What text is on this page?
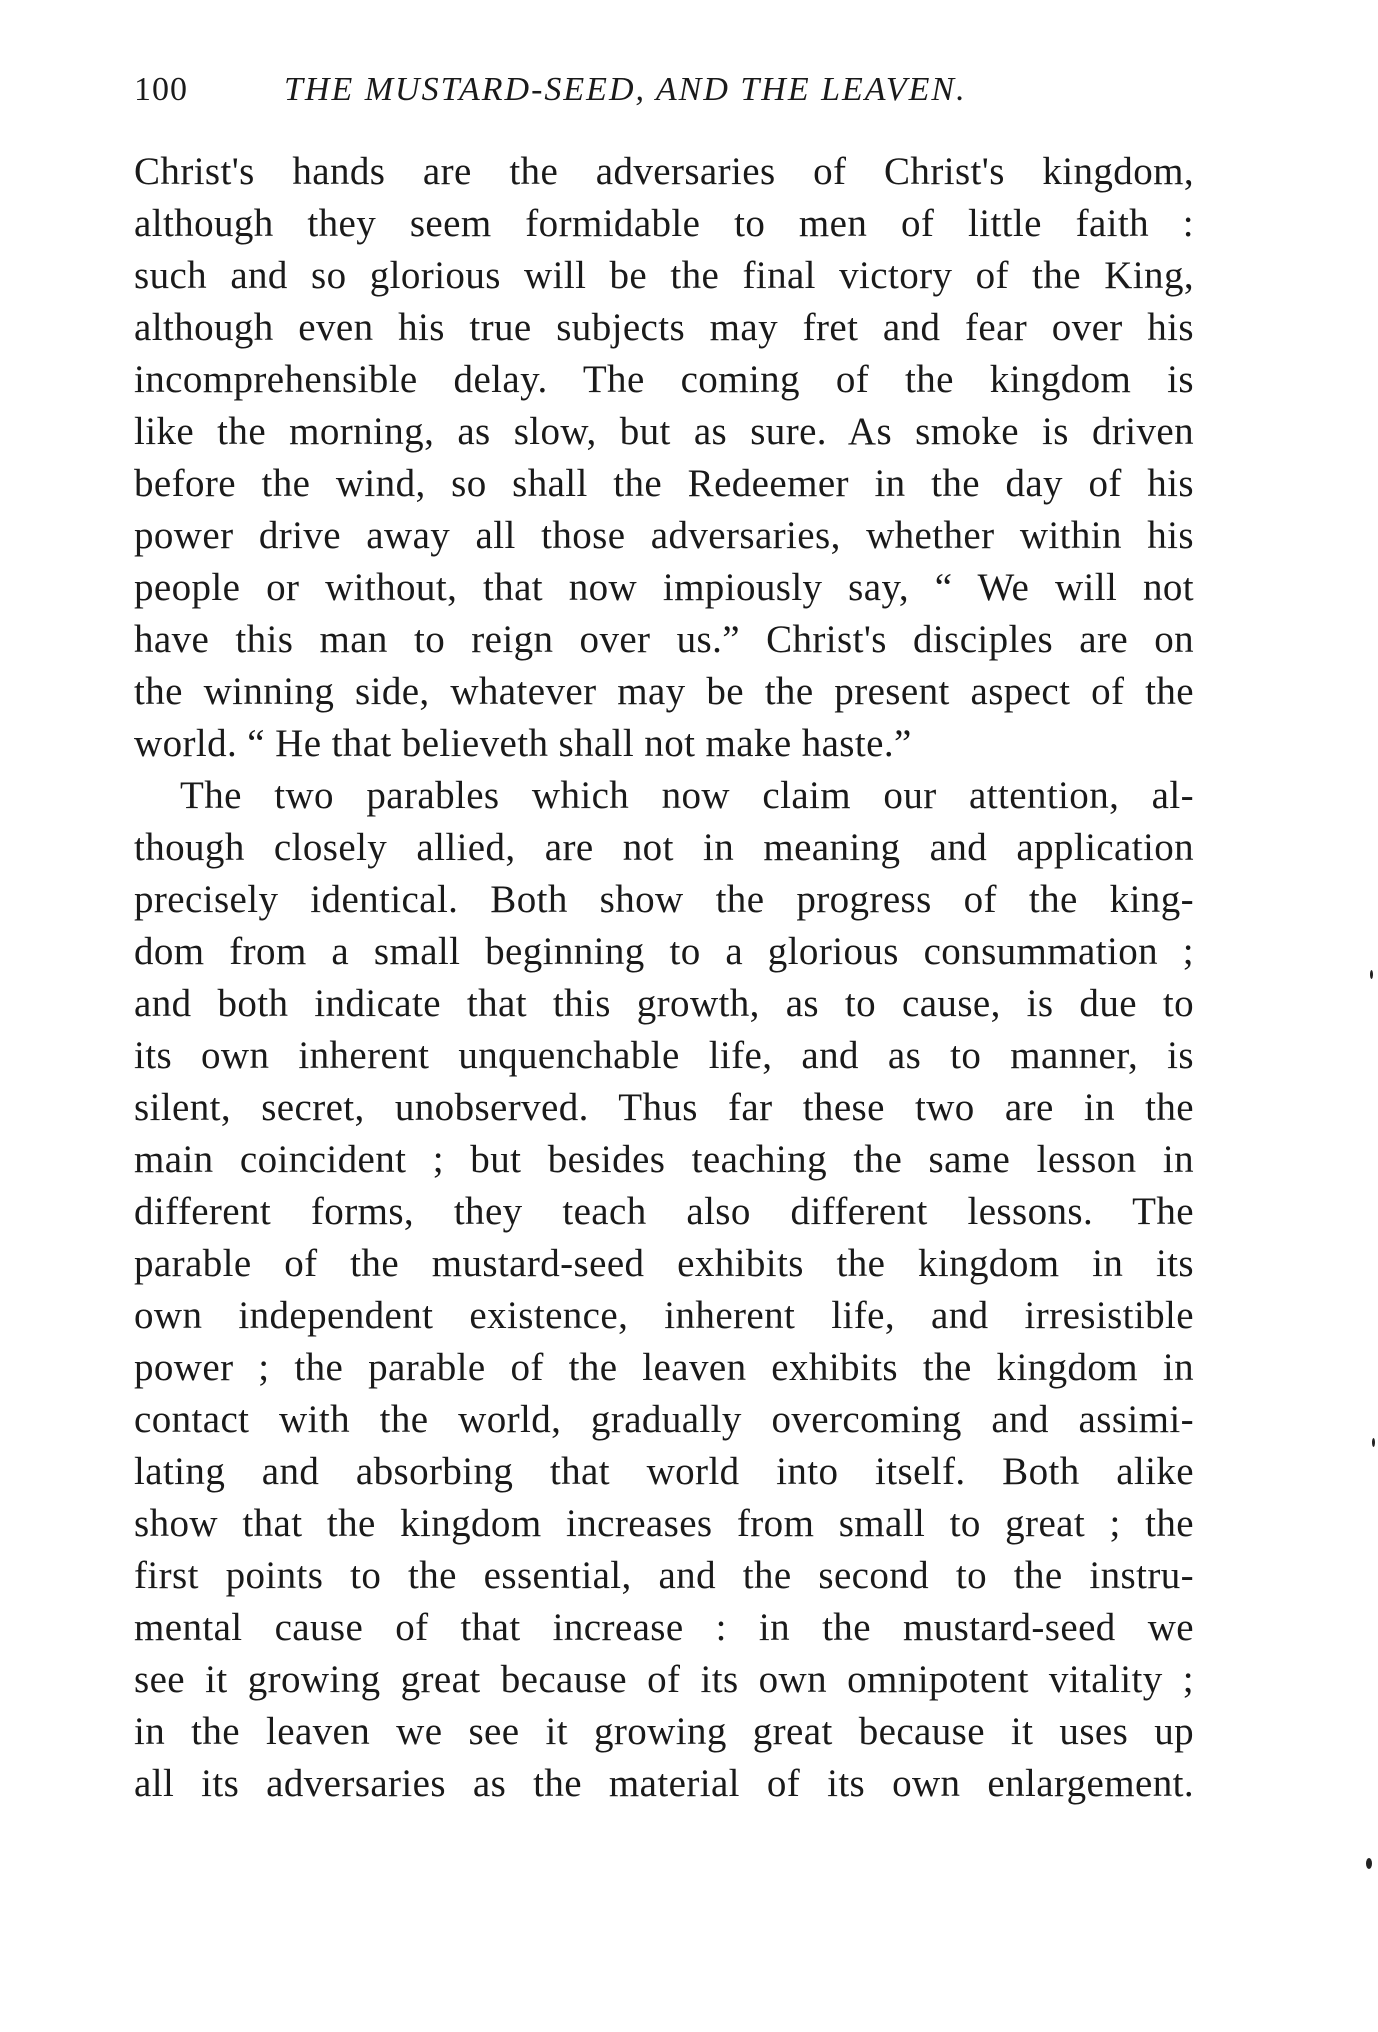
100	THE MUSTARD-SEED, AND THE LEAVEN.
Christ's hands are the adversaries of Christ's kingdom,
although they seem formidable to men of little faith :
such and so glorious will be the final victory of the King,
although even his true subjects may fret and fear over his
incomprehensible delay. The coming of the kingdom is
like the morning, as slow, but as sure. As smoke is driven
before the wind, so shall the Redeemer in the day of his
power drive away all those adversaries, whether within his
people or without, that now impiously say, “ We will not
have this man to reign over us.” Christ's disciples are on
the winning side, whatever may be the present aspect of the
world. “ He that believeth shall not make haste.”
The two parables which now claim our attention, al-
though closely allied, are not in meaning and application
precisely identical. Both show the progress of the king-
dom from a small beginning to a glorious consummation ;
and both indicate that this growth, as to cause, is due to
its own inherent unquenchable life, and as to manner, is
silent, secret, unobserved. Thus far these two are in the
main coincident ; but besides teaching the same lesson in
different forms, they teach also different lessons. The
parable of the mustard-seed exhibits the kingdom in its
own independent existence, inherent life, and irresistible
power ; the parable of the leaven exhibits the kingdom in
contact with the world, gradually overcoming and assimi-
lating and absorbing that world into itself. Both alike
show that the kingdom increases from small to great ; the
first points to the essential, and the second to the instru-
mental cause of that increase : in the mustard-seed we
see it growing great because of its own omnipotent vitality ;
in the leaven we see it growing great because it uses up
all its adversaries as the material of its own enlargement.
